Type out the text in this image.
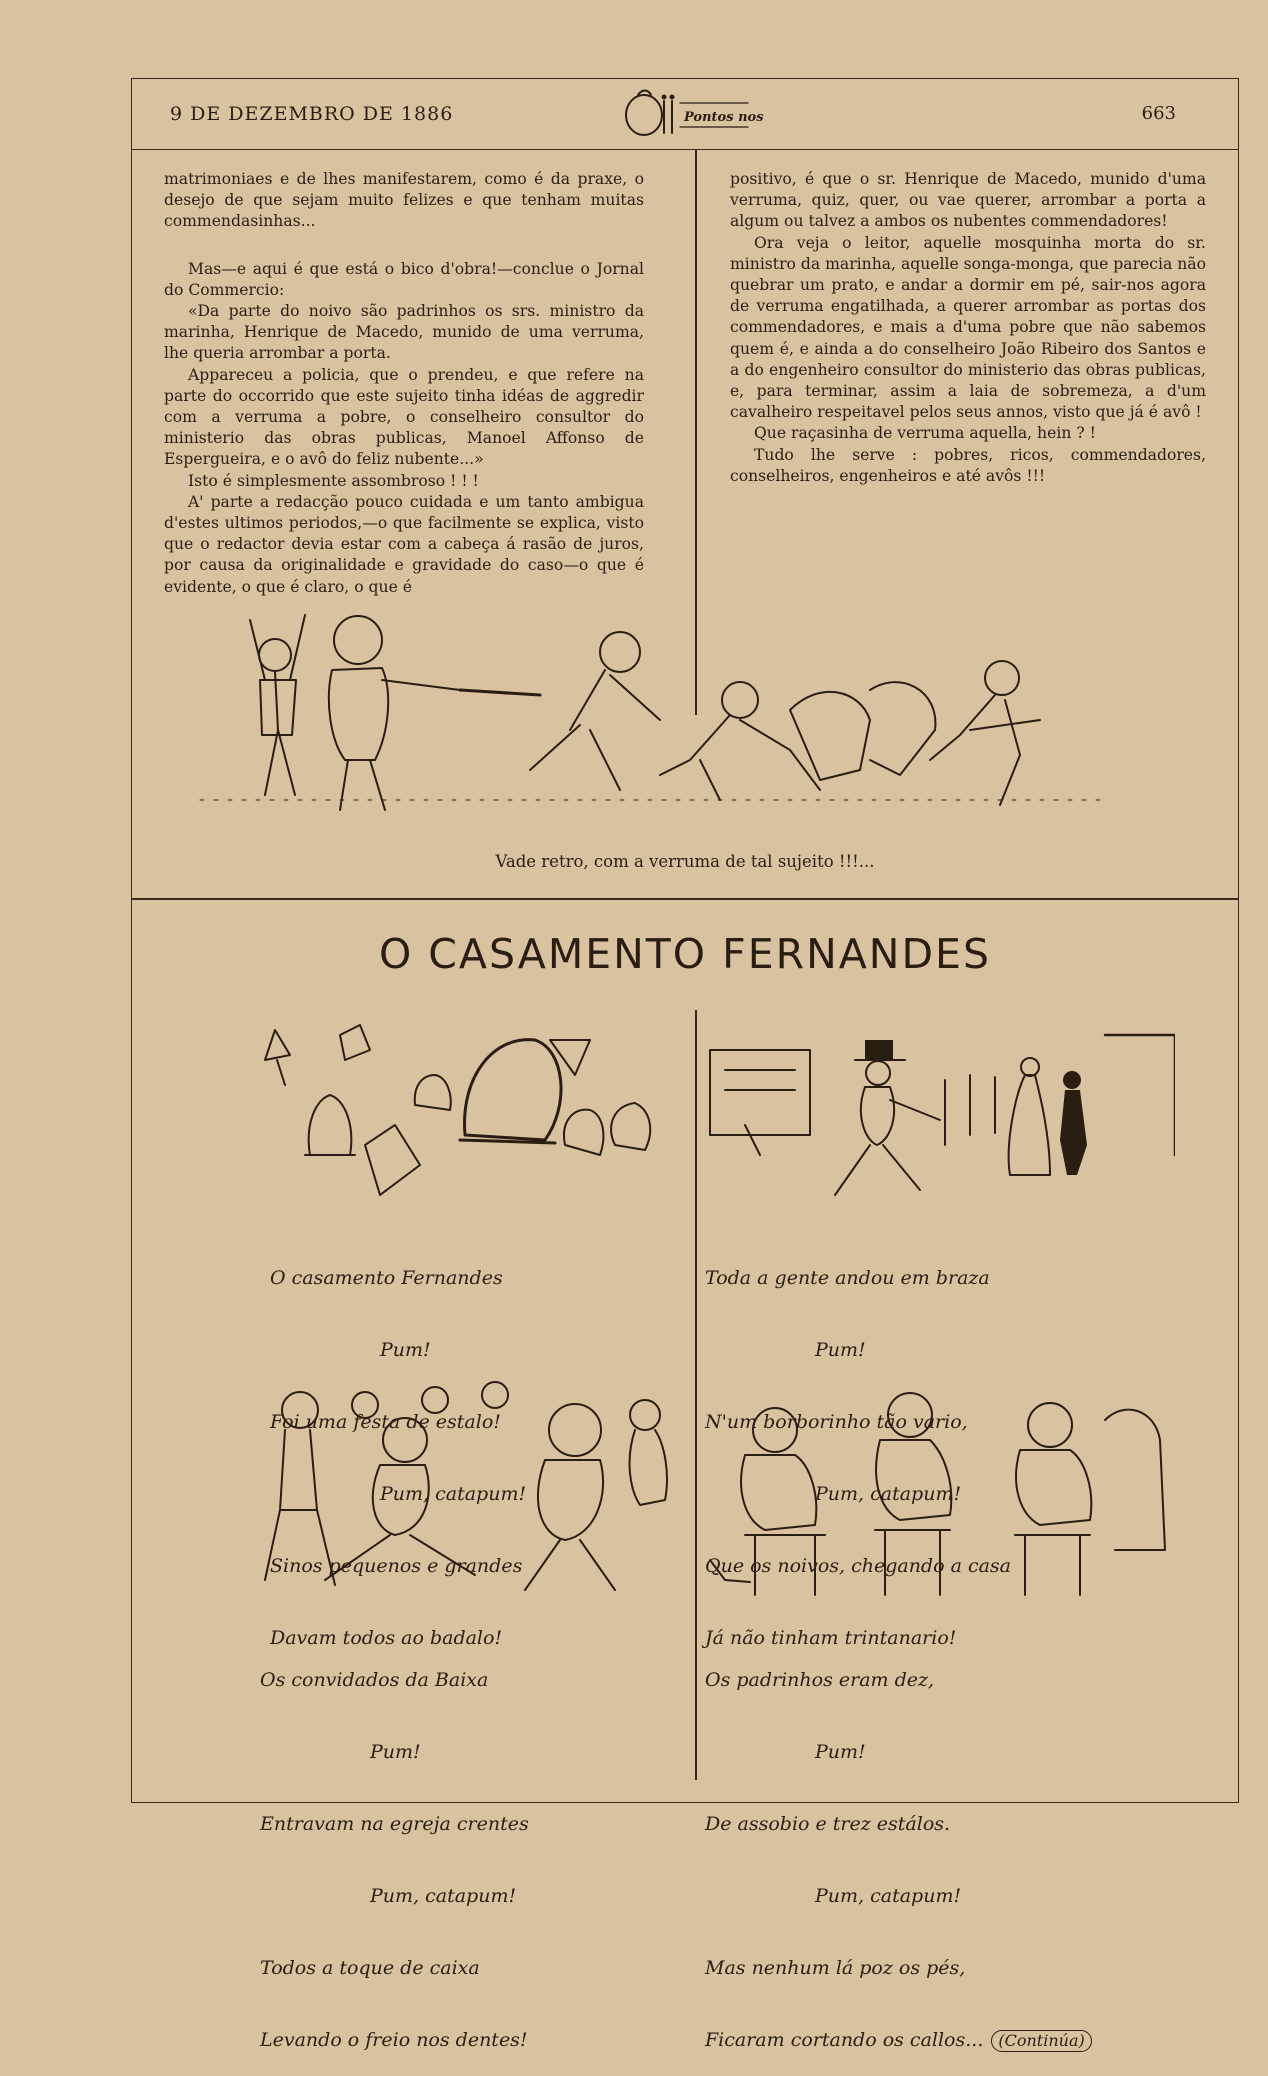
9 DE DEZEMBRO DE 1886	Pontos nos	663

matrimoniaes e de lhes manifestarem, como é da praxe, o desejo de que sejam muito felizes e que tenham muitas commendasinhas...

Mas—e aqui é que está o bico d'obra!—conclue o Jornal do Commercio:

«Da parte do noivo são padrinhos os srs. ministro da marinha, Henrique de Macedo, munido de uma verruma, lhe queria arrombar a porta.

Appareceu a policia, que o prendeu, e que refere na parte do occorrido que este sujeito tinha idéas de aggredir com a verruma a pobre, o conselheiro consultor do ministerio das obras publicas, Manoel Affonso de Espergueira, e o avô do feliz nubente...»

Isto é simplesmente assombroso ! ! !

A' parte a redacção pouco cuidada e um tanto ambigua d'estes ultimos periodos,—o que facilmente se explica, visto que o redactor devia estar com a cabeça á rasão de juros, por causa da originalidade e gravidade do caso—o que é evidente, o que é claro, o que é

positivo, é que o sr. Henrique de Macedo, munido d'uma verruma, quiz, quer, ou vae querer, arrombar a porta a algum ou talvez a ambos os nubentes commendadores!

Ora veja o leitor, aquelle mosquinha morta do sr. ministro da marinha, aquelle songa-monga, que parecia não quebrar um prato, e andar a dormir em pé, sair-nos agora de verruma engatilhada, a querer arrombar as portas dos commendadores, e mais a d'uma pobre que não sabemos quem é, e ainda a do conselheiro João Ribeiro dos Santos e a do engenheiro consultor do ministerio das obras publicas, e, para terminar, assim a laia de sobremeza, a d'um cavalheiro respeitavel pelos seus annos, visto que já é avô !

Que raçasinha de verruma aquella, hein ? !

Tudo lhe serve : pobres, ricos, commendadores, conselheiros, engenheiros e até avôs !!!

Vade retro, com a verruma de tal sujeito !!!...
O CASAMENTO FERNANDES

O casamento Fernandes

Pum!

Foi uma festa de estalo!

Pum, catapum!

Sinos pequenos e grandes

Davam todos ao badalo!

Toda a gente andou em braza

Pum!

N'um borborinho tão vario,

Pum, catapum!

Que os noivos, chegando a casa

Já não tinham trintanario!

Os convidados da Baixa

Pum!

Entravam na egreja crentes

Pum, catapum!

Todos a toque de caixa

Levando o freio nos dentes!

Os padrinhos eram dez,

Pum!

De assobio e trez estálos.

Pum, catapum!

Mas nenhum lá poz os pés,

Ficaram cortando os callos... (Continúa)
